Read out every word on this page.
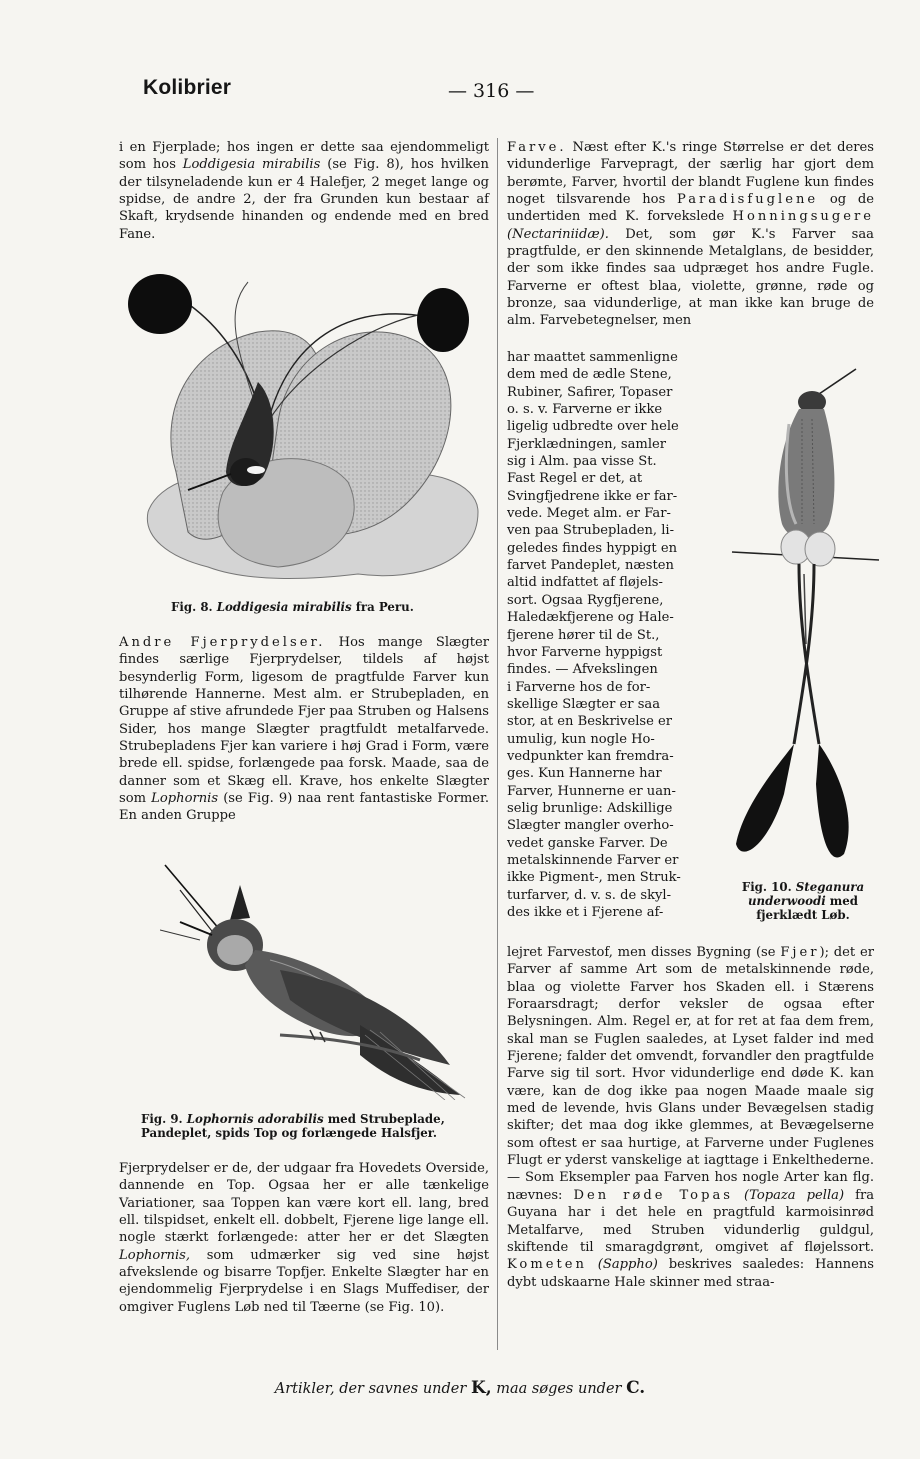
Kolibrier	— 316 —

i en Fjerplade; hos ingen er dette saa ejendommeligt som hos Loddigesia mirabilis (se Fig. 8), hos hvilken der tilsyneladende kun er 4 Halefjer, 2 meget lange og spidse, de andre 2, der fra Grunden kun bestaar af Skaft, krydsende hinanden og endende med en bred Fane.

Fig. 8. Loddigesia mirabilis fra Peru.

Andre Fjerprydelser. Hos mange Slægter findes særlige Fjerprydelser, tildels af højst besynderlig Form, ligesom de pragtfulde Farver kun tilhørende Hannerne. Mest alm. er Strubepladen, en Gruppe af stive afrundede Fjer paa Struben og Halsens Sider, hos mange Slægter pragtfuldt metalfarvede. Strubepladens Fjer kan variere i høj Grad i Form, være brede ell. spidse, forlængede paa forsk. Maade, saa de danner som et Skæg ell. Krave, hos enkelte Slægter som Lophornis (se Fig. 9) naa rent fantastiske Former. En anden Gruppe

Fig. 9. Lophornis adorabilis med Strubeplade, Pandeplet, spids Top og forlængede Halsfjer.

Fjerprydelser er de, der udgaar fra Hovedets Overside, dannende en Top. Ogsaa her er alle tænkelige Variationer, saa Toppen kan være kort ell. lang, bred ell. tilspidset, enkelt ell. dobbelt, Fjerene lige lange ell. nogle stærkt forlængede: atter her er det Slægten Lophornis, som udmærker sig ved sine højst afvekslende og bisarre Topfjer. Enkelte Slægter har en ejendommelig Fjerprydelse i en Slags Muffediser, der omgiver Fuglens Løb ned til Tæerne (se Fig. 10).

Farve. Næst efter K.'s ringe Størrelse er det deres vidunderlige Farvepragt, der særlig har gjort dem berømte, Farver, hvortil der blandt Fuglene kun findes noget tilsvarende hos Paradisfuglene og de undertiden med K. forvekslede Honningsugere (Nectariniidæ). Det, som gør K.'s Farver saa pragtfulde, er den skinnende Metalglans, de besidder, der som ikke findes saa udpræget hos andre Fugle. Farverne er oftest blaa, violette, grønne, røde og bronze, saa vidunderlige, at man ikke kan bruge de alm. Farvebetegnelser, men

har maattet sammenligne
dem med de ædle Stene,
Rubiner, Safirer, Topaser
o. s. v. Farverne er ikke
ligelig udbredte over hele
Fjerklædningen, samler
sig i Alm. paa visse St.
Fast Regel er det, at
Svingfjedrene ikke er far-
vede. Meget alm. er Far-
ven paa Strubepladen, li-
geledes findes hyppigt en
farvet Pandeplet, næsten
altid indfattet af fløjels-
sort. Ogsaa Rygfjerene,
Haledækfjerene og Hale-
fjerene hører til de St.,
hvor Farverne hyppigst
findes. — Afvekslingen
i Farverne hos de for-
skellige Slægter er saa
stor, at en Beskrivelse er
umulig, kun nogle Ho-
vedpunkter kan fremdra-
ges. Kun Hannerne har
Farver, Hunnerne er uan-
selig brunlige: Adskillige
Slægter mangler overho-
vedet ganske Farver. De
metalskinnende Farver er
ikke Pigment-, men Struk-
turfarver, d. v. s. de skyl-
des ikke et i Fjerene af-
Fig. 10. Steganura underwoodi med fjerklædt Løb.

lejret Farvestof, men disses Bygning (se Fjer); det er Farver af samme Art som de metalskinnende røde, blaa og violette Farver hos Skaden ell. i Stærens Foraarsdragt; derfor veksler de ogsaa efter Belysningen. Alm. Regel er, at for ret at faa dem frem, skal man se Fuglen saaledes, at Lyset falder ind med Fjerene; falder det omvendt, forvandler den pragtfulde Farve sig til sort. Hvor vidunderlige end døde K. kan være, kan de dog ikke paa nogen Maade maale sig med de levende, hvis Glans under Bevægelsen stadig skifter; det maa dog ikke glemmes, at Bevægelserne som oftest er saa hurtige, at Farverne under Fuglenes Flugt er yderst vanskelige at iagttage i Enkelthederne. — Som Eksempler paa Farven hos nogle Arter kan flg. nævnes: Den røde Topas (Topaza pella) fra Guyana har i det hele en pragtfuld karmoisinrød Metalfarve, med Struben vidunderlig guldgul, skiftende til smaragdgrønt, omgivet af fløjelssort. Kometen (Sappho) beskrives saaledes: Hannens dybt udskaarne Hale skinner med straa-

Artikler, der savnes under K, maa søges under C.
